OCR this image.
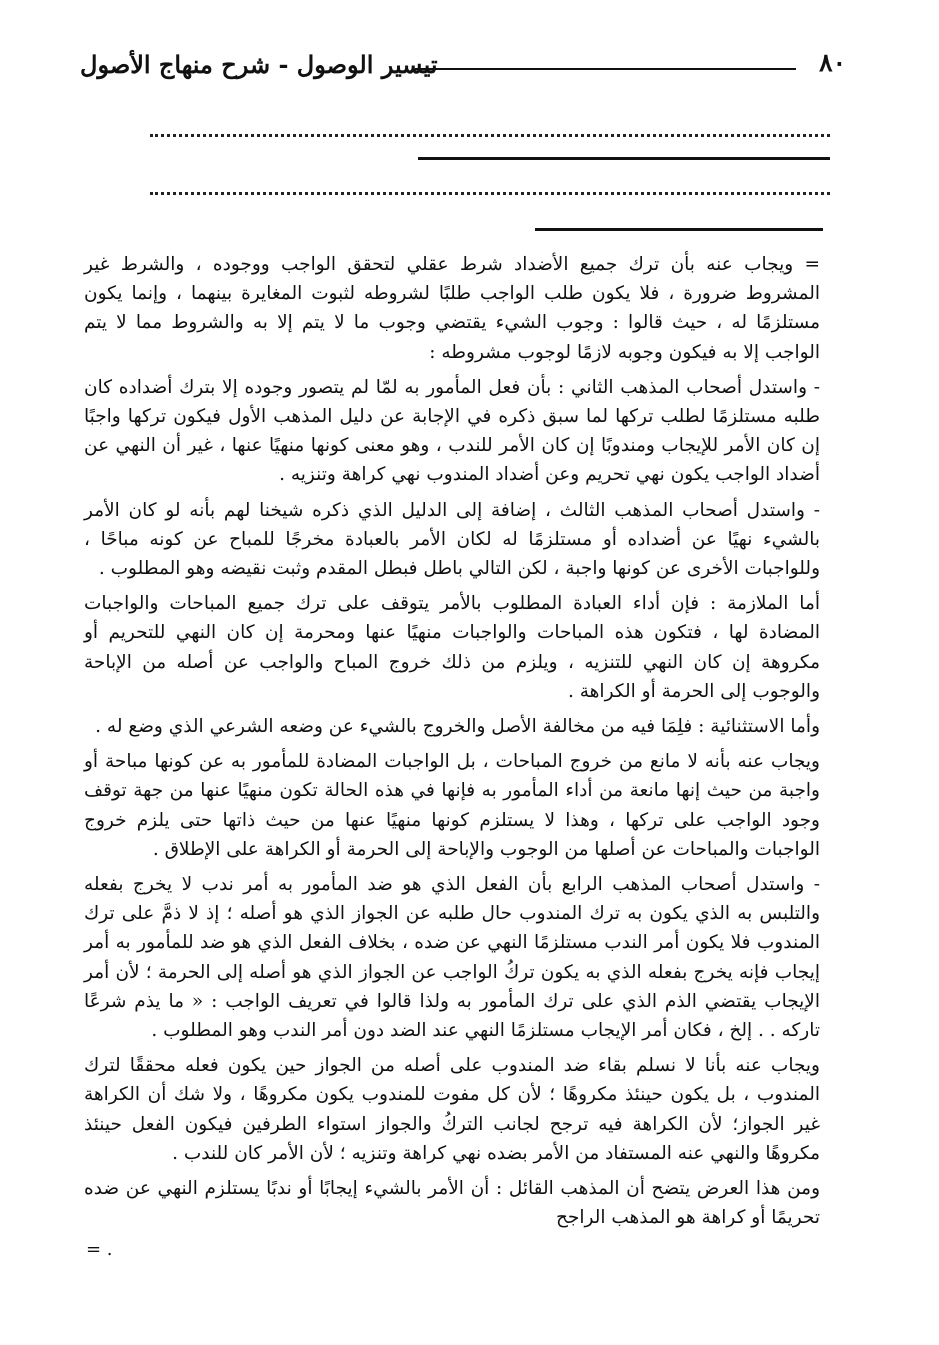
٨٠
تيسير الوصول - شرح منهاج الأصول

= ويجاب عنه بأن ترك جميع الأضداد شرط عقلي لتحقق الواجب ووجوده ، والشرط غير المشروط ضرورة ، فلا يكون طلب الواجب طلبًا لشروطه لثبوت المغايرة بينهما ، وإنما يكون مستلزمًا له ، حيث قالوا : وجوب الشيء يقتضي وجوب ما لا يتم إلا به والشروط مما لا يتم الواجب إلا به فيكون وجوبه لازمًا لوجوب مشروطه :

- واستدل أصحاب المذهب الثاني : بأن فعل المأمور به لمّا لم يتصور وجوده إلا بترك أضداده كان طلبه مستلزمًا لطلب تركها لما سبق ذكره في الإجابة عن دليل المذهب الأول فيكون تركها واجبًا إن كان الأمر للإيجاب ومندوبًا إن كان الأمر للندب ، وهو معنى كونها منهيًا عنها ، غير أن النهي عن أضداد الواجب يكون نهي تحريم وعن أضداد المندوب نهي كراهة وتنزيه .

- واستدل أصحاب المذهب الثالث ، إضافة إلى الدليل الذي ذكره شيخنا لهم بأنه لو كان الأمر بالشيء نهيًا عن أضداده أو مستلزمًا له لكان الأمر بالعبادة مخرجًا للمباح عن كونه مباحًا ، وللواجبات الأخرى عن كونها واجبة ، لكن التالي باطل فبطل المقدم وثبت نقيضه وهو المطلوب .

أما الملازمة : فإن أداء العبادة المطلوب بالأمر يتوقف على ترك جميع المباحات والواجبات المضادة لها ، فتكون هذه المباحات والواجبات منهيًا عنها ومحرمة إن كان النهي للتحريم أو مكروهة إن كان النهي للتنزيه ، ويلزم من ذلك خروج المباح والواجب عن أصله من الإباحة والوجوب إلى الحرمة أو الكراهة .

وأما الاستثنائية : فلِمَا فيه من مخالفة الأصل والخروج بالشيء عن وضعه الشرعي الذي وضع له .

ويجاب عنه بأنه لا مانع من خروج المباحات ، بل الواجبات المضادة للمأمور به عن كونها مباحة أو واجبة من حيث إنها مانعة من أداء المأمور به فإنها في هذه الحالة تكون منهيًا عنها من جهة توقف وجود الواجب على تركها ، وهذا لا يستلزم كونها منهيًا عنها من حيث ذاتها حتى يلزم خروج الواجبات والمباحات عن أصلها من الوجوب والإباحة إلى الحرمة أو الكراهة على الإطلاق .

- واستدل أصحاب المذهب الرابع بأن الفعل الذي هو ضد المأمور به أمر ندب لا يخرج بفعله والتلبس به الذي يكون به ترك المندوب حال طلبه عن الجواز الذي هو أصله ؛ إذ لا ذمَّ على ترك المندوب فلا يكون أمر الندب مستلزمًا النهي عن ضده ، بخلاف الفعل الذي هو ضد للمأمور به أمر إيجاب فإنه يخرج بفعله الذي به يكون تركُ الواجب عن الجواز الذي هو أصله إلى الحرمة ؛ لأن أمر الإيجاب يقتضي الذم الذي على ترك المأمور به ولذا قالوا في تعريف الواجب : « ما يذم شرعًا تاركه . . إلخ ، فكان أمر الإيجاب مستلزمًا النهي عند الضد دون أمر الندب وهو المطلوب .

ويجاب عنه بأنا لا نسلم بقاء ضد المندوب على أصله من الجواز حين يكون فعله محققًا لترك المندوب ، بل يكون حينئذ مكروهًا ؛ لأن كل مفوت للمندوب يكون مكروهًا ، ولا شك أن الكراهة غير الجواز؛ لأن الكراهة فيه ترجح لجانب التركُ والجواز استواء الطرفين فيكون الفعل حينئذ مكروهًا والنهي عنه المستفاد من الأمر بضده نهي كراهة وتنزيه ؛ لأن الأمر كان للندب .

ومن هذا العرض يتضح أن المذهب القائل : أن الأمر بالشيء إيجابًا أو ندبًا يستلزم النهي عن ضده تحريمًا أو كراهة هو المذهب الراجح

= .
